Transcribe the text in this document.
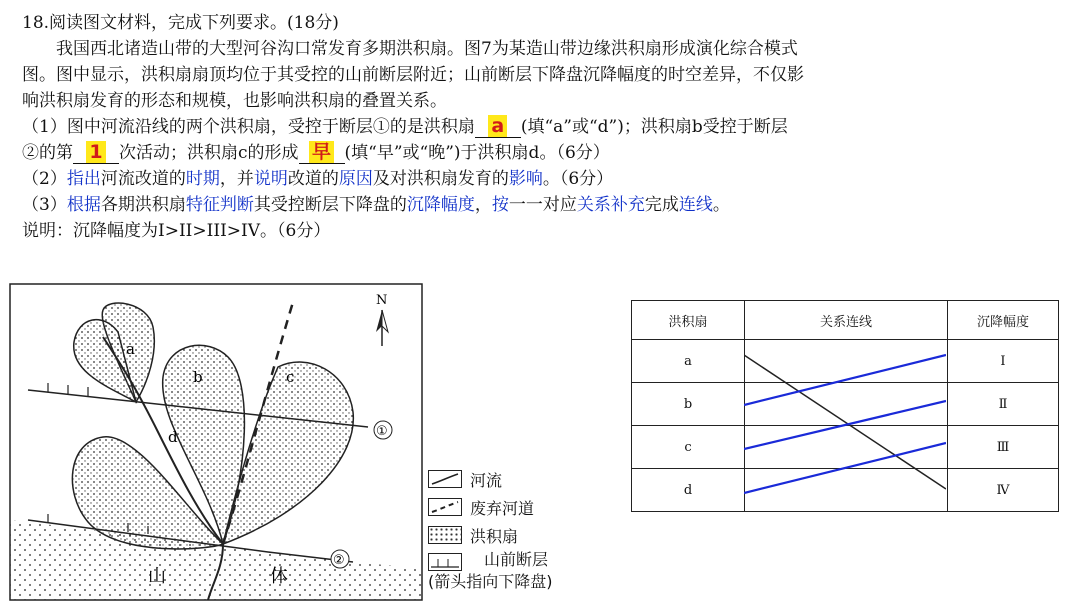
18.阅读图文材料，完成下列要求。(18分)

我国西北诸造山带的大型河谷沟口常发育多期洪积扇。图7为某造山带边缘洪积扇形成演化综合模式

图。图中显示，洪积扇扇顶均位于其受控的山前断层附近；山前断层下降盘沉降幅度的时空差异，不仅影

响洪积扇发育的形态和规模，也影响洪积扇的叠置关系。

（1）图中河流沿线的两个洪积扇，受控于断层①的是洪积扇 a (填“a”或“d”)；洪积扇b受控于断层

②的第 1 次活动；洪积扇c的形成 早 (填“早”或“晚”)于洪积扇d。（6分）

（2）指出河流改道的时期，并说明改道的原因及对洪积扇发育的影响。（6分）

（3）根据各期洪积扇特征判断其受控断层下降盘的沉降幅度，按一一对应关系补充完成连线。

说明：沉降幅度为I>II>III>IV。（6分）

N
a
b	c
d	①
②
山	体
河流
废弃河道
洪积扇
山前断层
(箭头指向下降盘)
洪积扇	关系连线	沉降幅度
a		Ⅰ
b		Ⅱ
c		Ⅲ
d		Ⅳ
